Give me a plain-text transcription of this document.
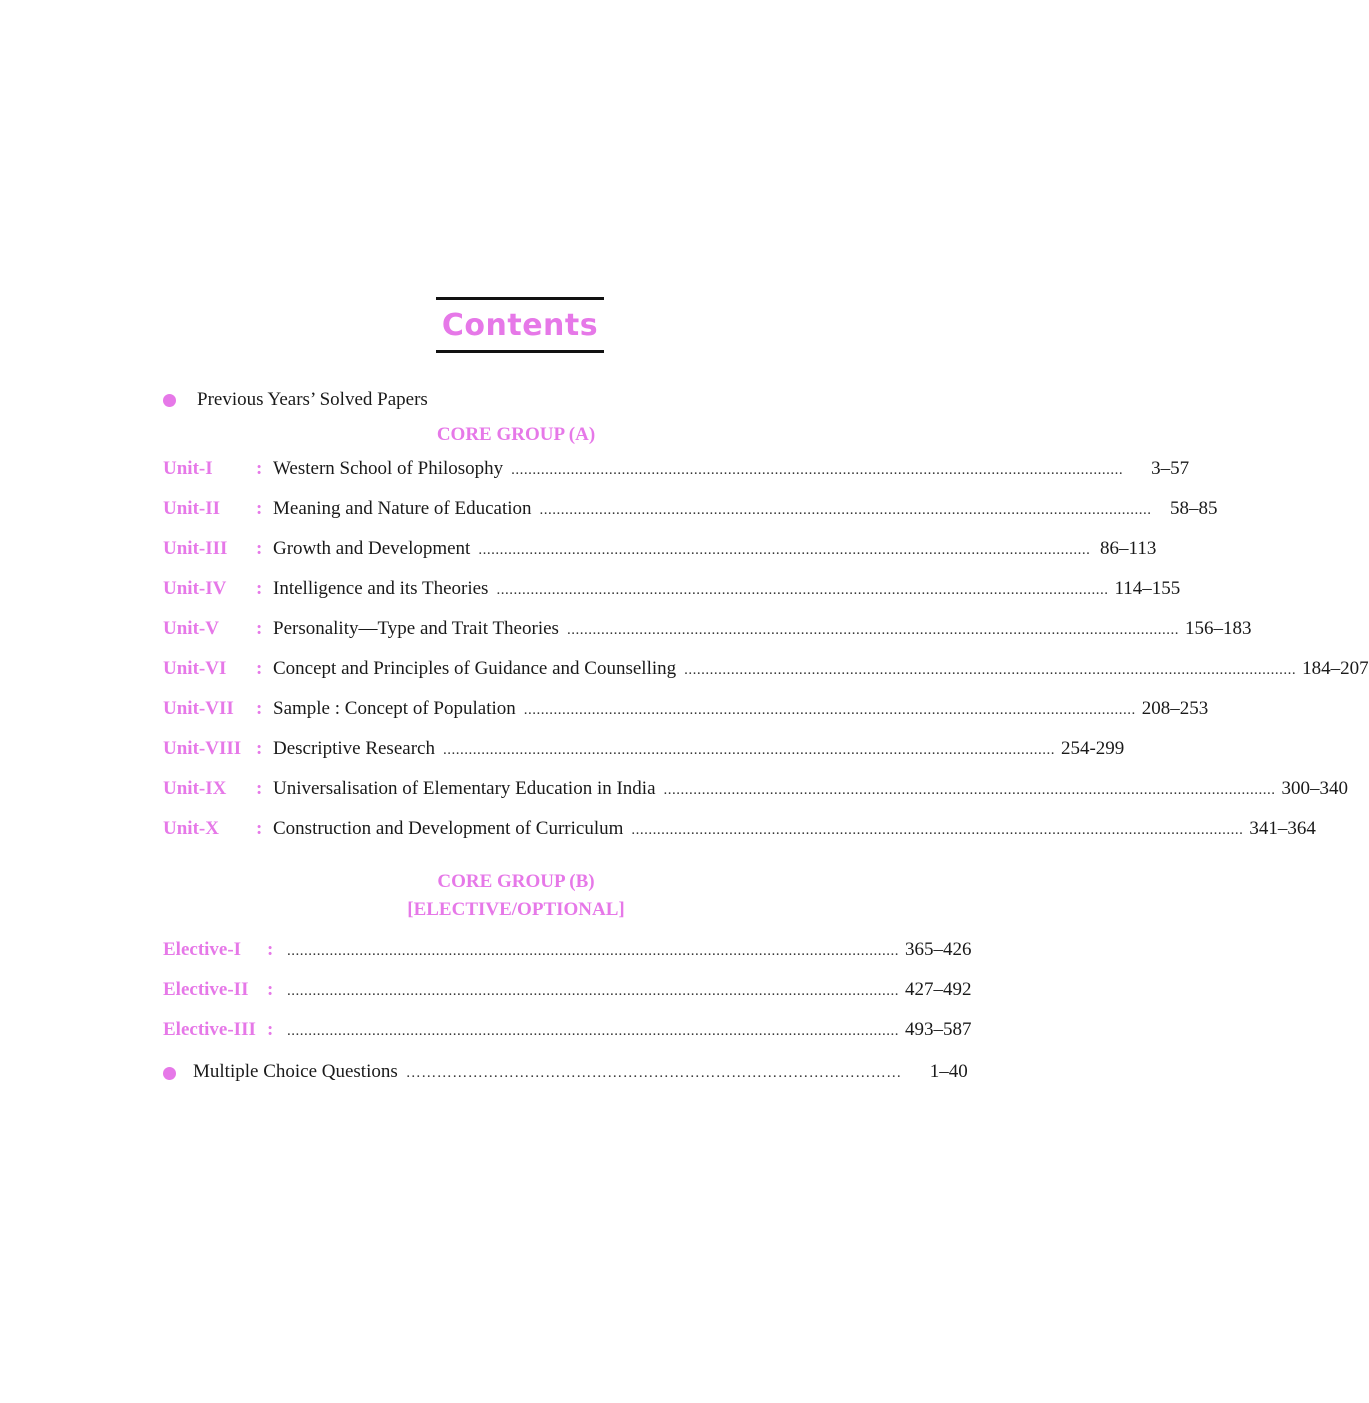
Contents
Previous Years’ Solved Papers
CORE GROUP (A)
Unit-I	: Western School of Philosophy ................................................................................................................................................	3–57
Unit-II	: Meaning and Nature of Education ................................................................................................................................................ 58–85
Unit-III	: Growth and Development ................................................................................................................................................ 86–113
Unit-IV	: Intelligence and its Theories ................................................................................................................................................ 114–155
Unit-V	: Personality—Type and Trait Theories ................................................................................................................................................ 156–183
Unit-VI	: Concept and Principles of Guidance and Counselling ................................................................................................................................................ 184–207
Unit-VII	: Sample : Concept of Population ................................................................................................................................................ 208–253
Unit-VIII : Descriptive Research ................................................................................................................................................ 254-299
Unit-IX	: Universalisation of Elementary Education in India ................................................................................................................................................ 300–340
Unit-X	: Construction and Development of Curriculum ................................................................................................................................................ 341–364
CORE GROUP (B)
[ELECTIVE/OPTIONAL]
Elective-I	: ................................................................................................................................................ 365–426
Elective-II : ................................................................................................................................................ 427–492
Elective-III : ................................................................................................................................................ 493–587
Multiple Choice Questions ……………………………………………………………………………………	1–40
